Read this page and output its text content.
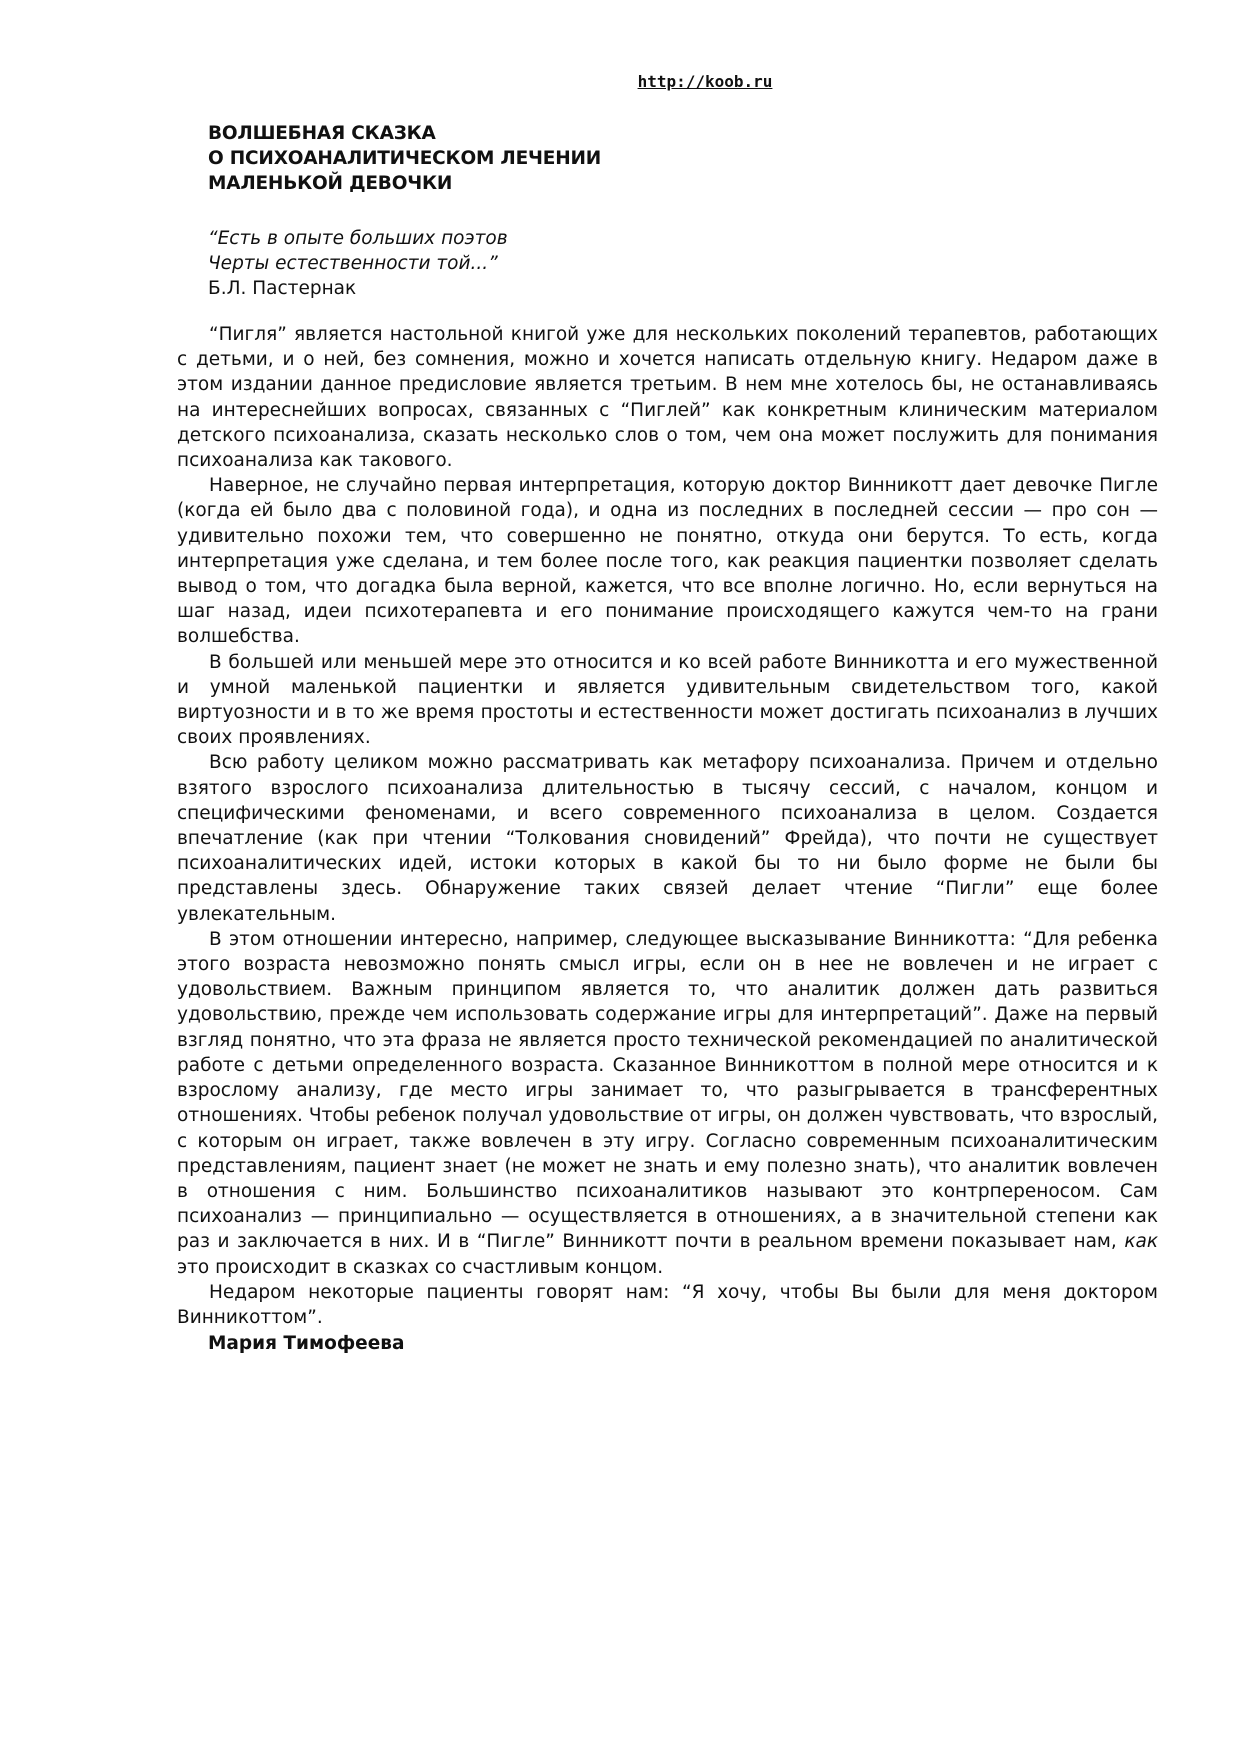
http://koob.ru
ВОЛШЕБНАЯ СКАЗКА
О ПСИХОАНАЛИТИЧЕСКОМ ЛЕЧЕНИИ
МАЛЕНЬКОЙ ДЕВОЧКИ
“Есть в опыте больших поэтов
Черты естественности той...”
Б.Л. Пастернак

“Пигля” является настольной книгой уже для нескольких поколений терапевтов, работающих с детьми, и о ней, без сомнения, можно и хочется написать отдельную книгу. Недаром даже в этом издании данное предисловие является третьим. В нем мне хотелось бы, не останавливаясь на интереснейших вопросах, связанных с “Пиглей” как конкретным клиническим материалом детского психоанализа, сказать несколько слов о том, чем она может послужить для понимания психоанализа как такового.

Наверное, не случайно первая интерпретация, которую доктор Винникотт дает девочке Пигле (когда ей было два с половиной года), и одна из последних в последней сессии — про сон — удивительно похожи тем, что совершенно не понятно, откуда они берутся. То есть, когда интерпретация уже сделана, и тем более после того, как реакция пациентки позволяет сделать вывод о том, что догадка была верной, кажется, что все вполне логично. Но, если вернуться на шаг назад, идеи психотерапевта и его понимание происходящего кажутся чем-то на грани волшебства.

В большей или меньшей мере это относится и ко всей работе Винникотта и его мужественной и умной маленькой пациентки и является удивительным свидетельством того, какой виртуозности и в то же время простоты и естественности может достигать психоанализ в лучших своих проявлениях.

Всю работу целиком можно рассматривать как метафору психоанализа. Причем и отдельно взятого взрослого психоанализа длительностью в тысячу сессий, с началом, концом и специфическими феноменами, и всего современного психоанализа в целом. Создается впечатление (как при чтении “Толкования сновидений” Фрейда), что почти не существует психоаналитических идей, истоки которых в какой бы то ни было форме не были бы представлены здесь. Обнаружение таких связей делает чтение “Пигли” еще более увлекательным.

В этом отношении интересно, например, следующее высказывание Винникотта: “Для ребенка этого возраста невозможно понять смысл игры, если он в нее не вовлечен и не играет с удовольствием. Важным принципом является то, что аналитик должен дать развиться удовольствию, прежде чем использовать содержание игры для интерпретаций”. Даже на первый взгляд понятно, что эта фраза не является просто технической рекомендацией по аналитической работе с детьми определенного возраста. Сказанное Винникоттом в полной мере относится и к взрослому анализу, где место игры занимает то, что разыгрывается в трансферентных отношениях. Чтобы ребенок получал удовольствие от игры, он должен чувствовать, что взрослый, с которым он играет, также вовлечен в эту игру. Согласно современным психоаналитическим представлениям, пациент знает (не может не знать и ему полезно знать), что аналитик вовлечен в отношения с ним. Большинство психоаналитиков называют это контрпереносом. Сам психоанализ — принципиально — осуществляется в отношениях, а в значительной степени как раз и заключается в них. И в “Пигле” Винникотт почти в реальном времени показывает нам, как это происходит в сказках со счастливым концом.

Недаром некоторые пациенты говорят нам: “Я хочу, чтобы Вы были для меня доктором Винникоттом”.

Мария Тимофеева
